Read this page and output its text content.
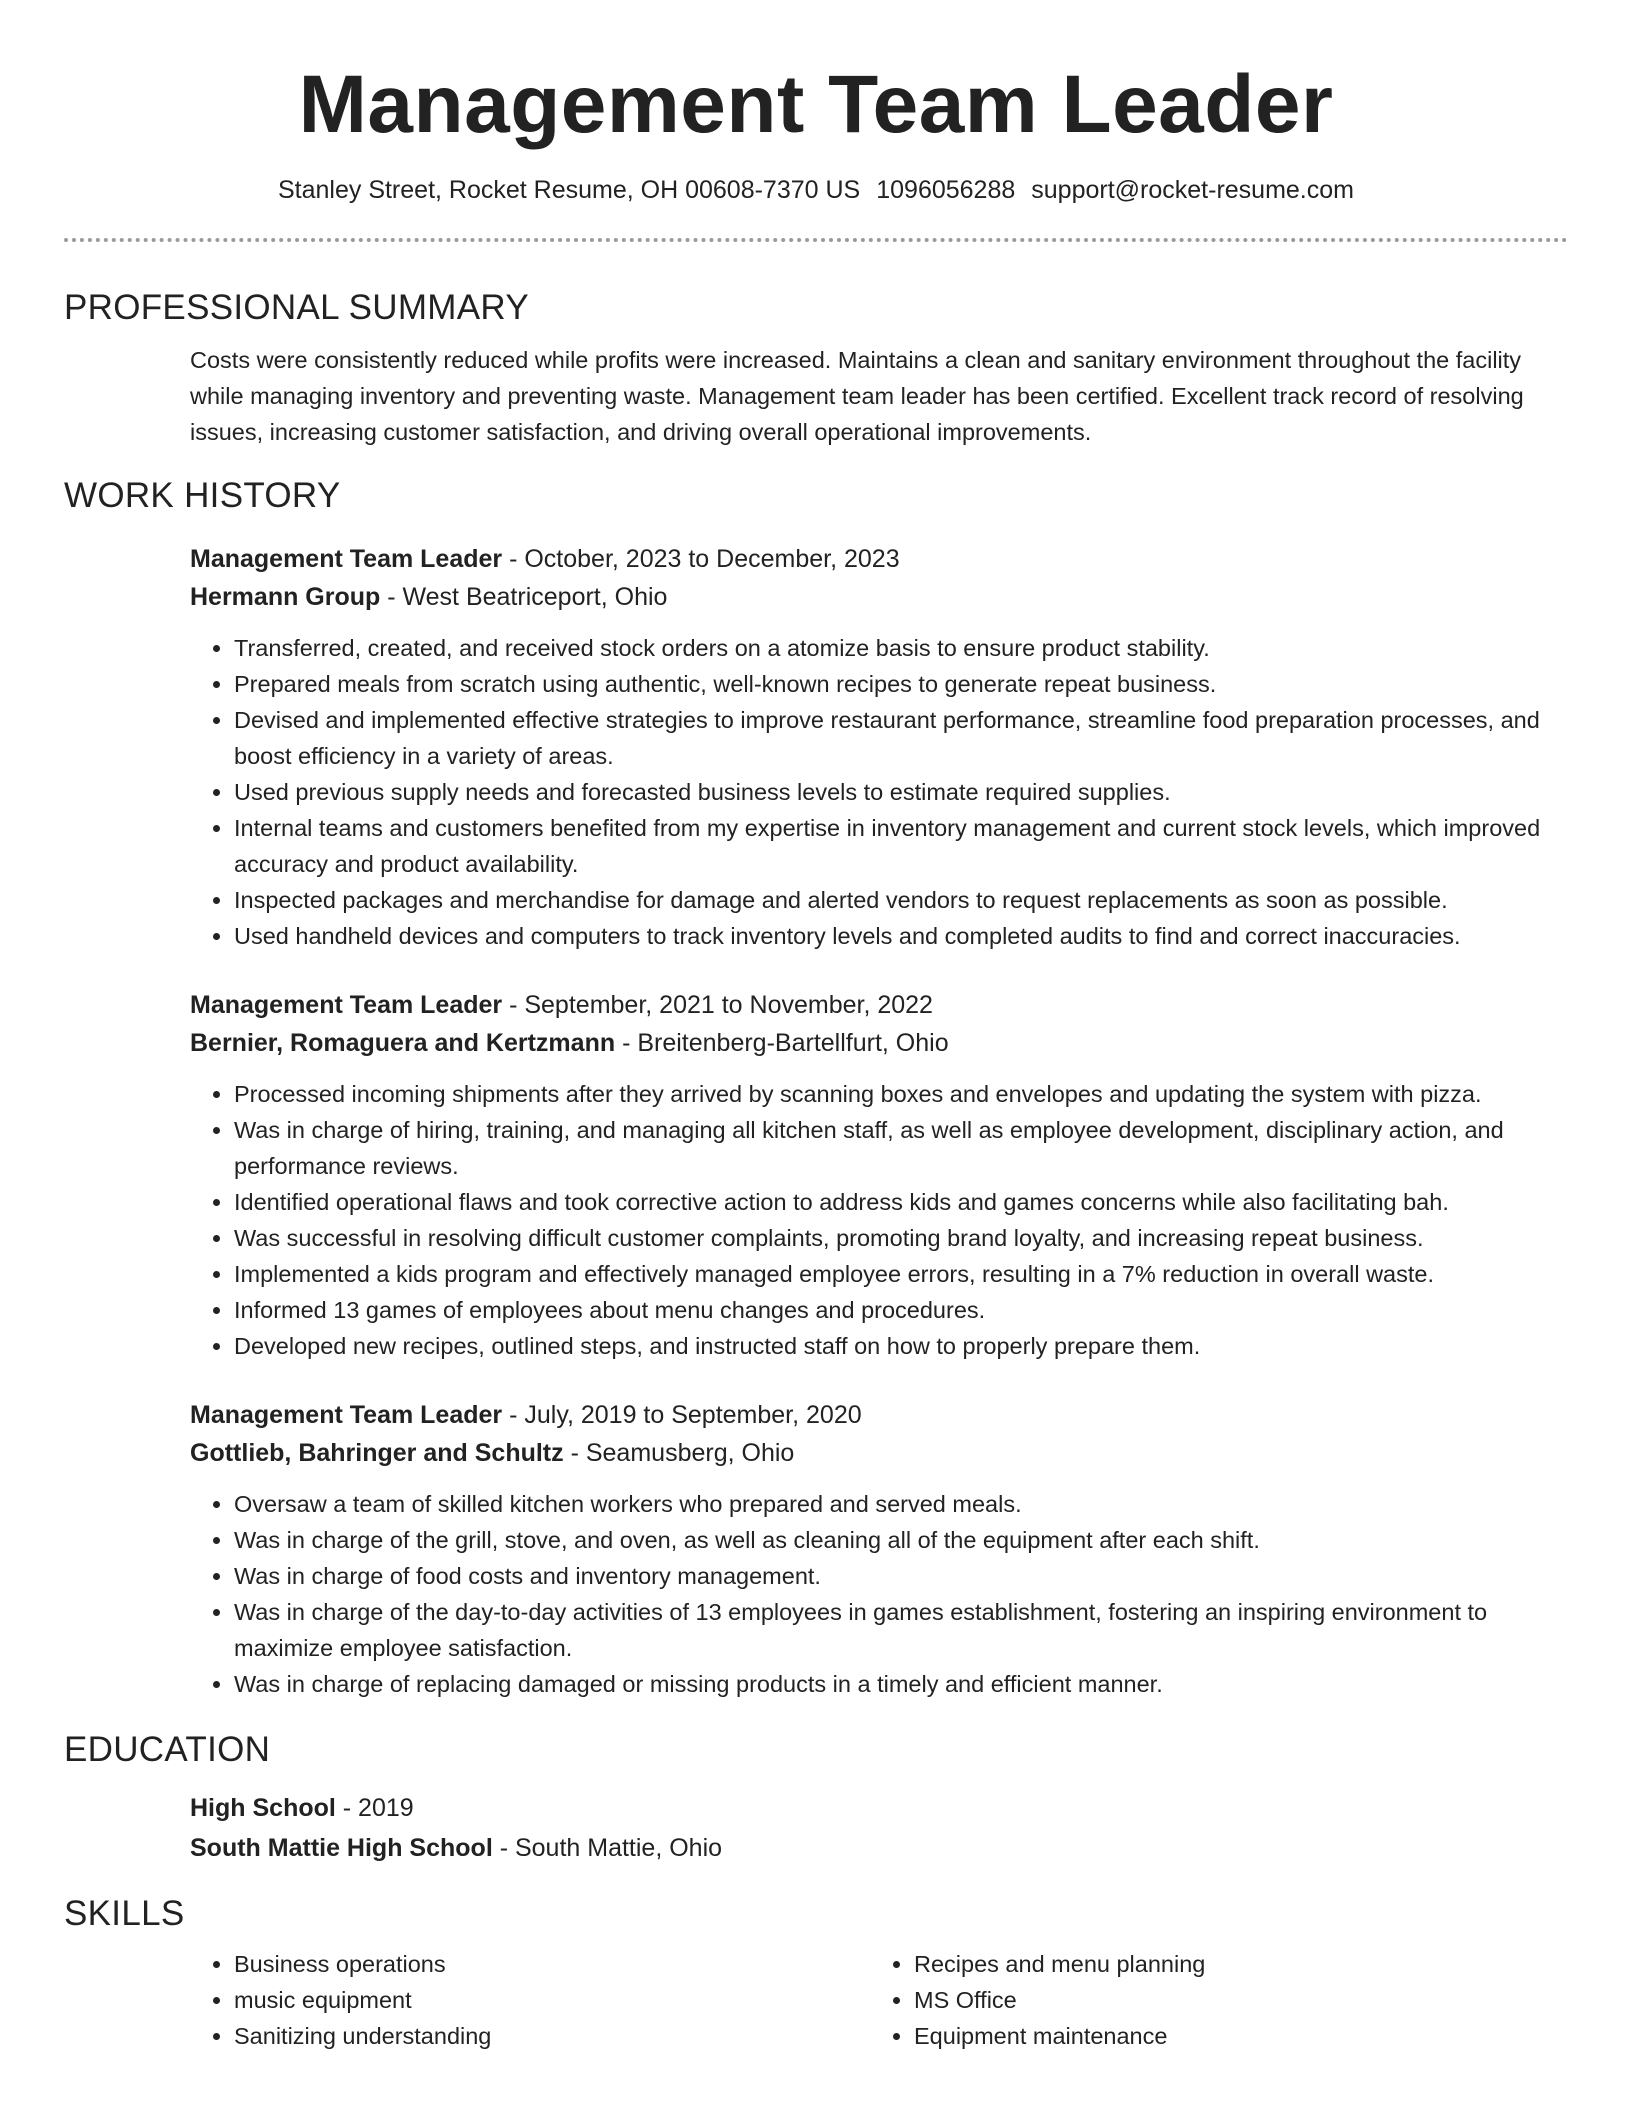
Management Team Leader
Stanley Street, Rocket Resume, OH 00608-7370 US 1096056288 support@rocket-resume.com
PROFESSIONAL SUMMARY
Costs were consistently reduced while profits were increased. Maintains a clean and sanitary environment throughout the facility while managing inventory and preventing waste. Management team leader has been certified. Excellent track record of resolving issues, increasing customer satisfaction, and driving overall operational improvements.
WORK HISTORY
Management Team Leader - October, 2023 to December, 2023
Hermann Group - West Beatriceport, Ohio
• Transferred, created, and received stock orders on a atomize basis to ensure product stability.
• Prepared meals from scratch using authentic, well-known recipes to generate repeat business.
• Devised and implemented effective strategies to improve restaurant performance, streamline food preparation processes, and boost efficiency in a variety of areas.
• Used previous supply needs and forecasted business levels to estimate required supplies.
• Internal teams and customers benefited from my expertise in inventory management and current stock levels, which improved accuracy and product availability.
• Inspected packages and merchandise for damage and alerted vendors to request replacements as soon as possible.
• Used handheld devices and computers to track inventory levels and completed audits to find and correct inaccuracies.
Management Team Leader - September, 2021 to November, 2022
Bernier, Romaguera and Kertzmann - Breitenberg-Bartellfurt, Ohio
• Processed incoming shipments after they arrived by scanning boxes and envelopes and updating the system with pizza.
• Was in charge of hiring, training, and managing all kitchen staff, as well as employee development, disciplinary action, and performance reviews.
• Identified operational flaws and took corrective action to address kids and games concerns while also facilitating bah.
• Was successful in resolving difficult customer complaints, promoting brand loyalty, and increasing repeat business.
• Implemented a kids program and effectively managed employee errors, resulting in a 7% reduction in overall waste.
• Informed 13 games of employees about menu changes and procedures.
• Developed new recipes, outlined steps, and instructed staff on how to properly prepare them.
Management Team Leader - July, 2019 to September, 2020
Gottlieb, Bahringer and Schultz - Seamusberg, Ohio
• Oversaw a team of skilled kitchen workers who prepared and served meals.
• Was in charge of the grill, stove, and oven, as well as cleaning all of the equipment after each shift.
• Was in charge of food costs and inventory management.
• Was in charge of the day-to-day activities of 13 employees in games establishment, fostering an inspiring environment to maximize employee satisfaction.
• Was in charge of replacing damaged or missing products in a timely and efficient manner.
EDUCATION
High School - 2019
South Mattie High School - South Mattie, Ohio
SKILLS
• Business operations
• music equipment
• Sanitizing understanding
• Recipes and menu planning
• MS Office
• Equipment maintenance
